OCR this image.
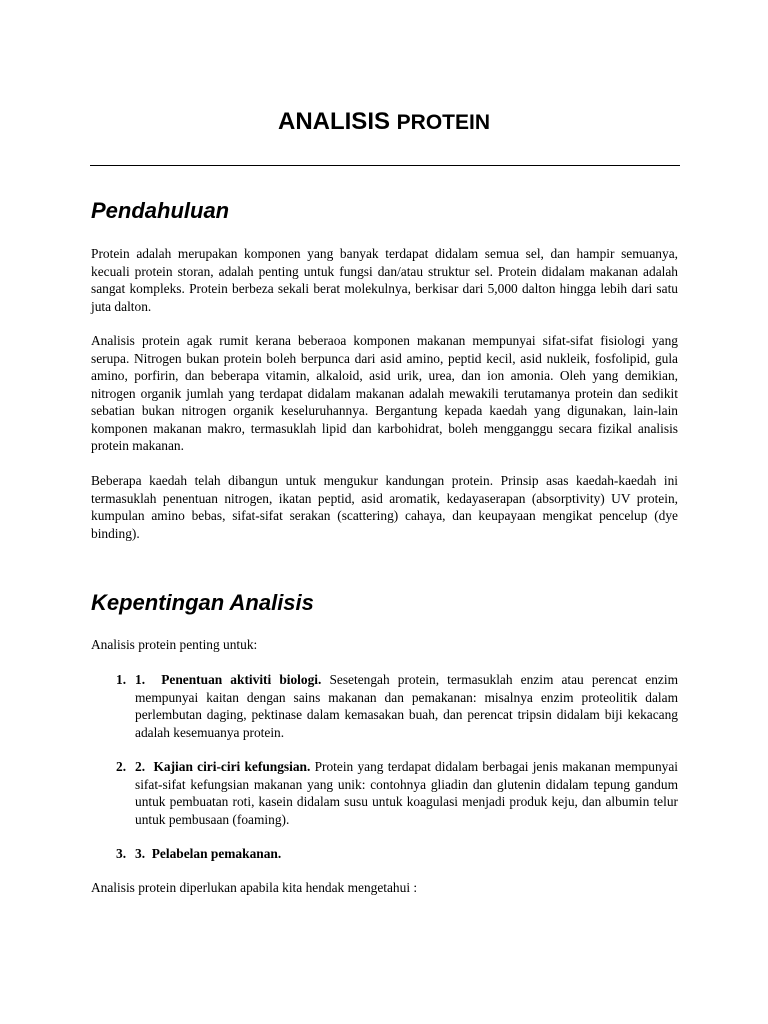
ANALISIS PROTEIN
Pendahuluan

Protein adalah merupakan komponen yang banyak terdapat didalam semua sel, dan hampir semuanya, kecuali protein storan, adalah penting untuk fungsi dan/atau struktur sel. Protein didalam makanan adalah sangat kompleks. Protein berbeza sekali berat molekulnya, berkisar dari 5,000 dalton hingga lebih dari satu juta dalton.

Analisis protein agak rumit kerana beberaoa komponen makanan mempunyai sifat-sifat fisiologi yang serupa. Nitrogen bukan protein boleh berpunca dari asid amino, peptid kecil, asid nukleik, fosfolipid, gula amino, porfirin, dan beberapa vitamin, alkaloid, asid urik, urea, dan ion amonia. Oleh yang demikian, nitrogen organik jumlah yang terdapat didalam makanan adalah mewakili terutamanya protein dan sedikit sebatian bukan nitrogen organik keseluruhannya. Bergantung kepada kaedah yang digunakan, lain-lain komponen makanan makro, termasuklah lipid dan karbohidrat, boleh mengganggu secara fizikal analisis protein makanan.

Beberapa kaedah telah dibangun untuk mengukur kandungan protein. Prinsip asas kaedah-kaedah ini termasuklah penentuan nitrogen, ikatan peptid, asid aromatik, kedayaserapan (absorptivity) UV protein, kumpulan amino bebas, sifat-sifat serakan (scattering) cahaya, dan keupayaan mengikat pencelup (dye binding).

Kepentingan Analisis

Analisis protein penting untuk:

1. 1. Penentuan aktiviti biologi. Sesetengah protein, termasuklah enzim atau perencat enzim mempunyai kaitan dengan sains makanan dan pemakanan: misalnya enzim proteolitik dalam perlembutan daging, pektinase dalam kemasakan buah, dan perencat tripsin didalam biji kekacang adalah kesemuanya protein.
2. 2. Kajian ciri-ciri kefungsian. Protein yang terdapat didalam berbagai jenis makanan mempunyai sifat-sifat kefungsian makanan yang unik: contohnya gliadin dan glutenin didalam tepung gandum untuk pembuatan roti, kasein didalam susu untuk koagulasi menjadi produk keju, dan albumin telur untuk pembusaan (foaming).
3. 3. Pelabelan pemakanan.

Analisis protein diperlukan apabila kita hendak mengetahui :
